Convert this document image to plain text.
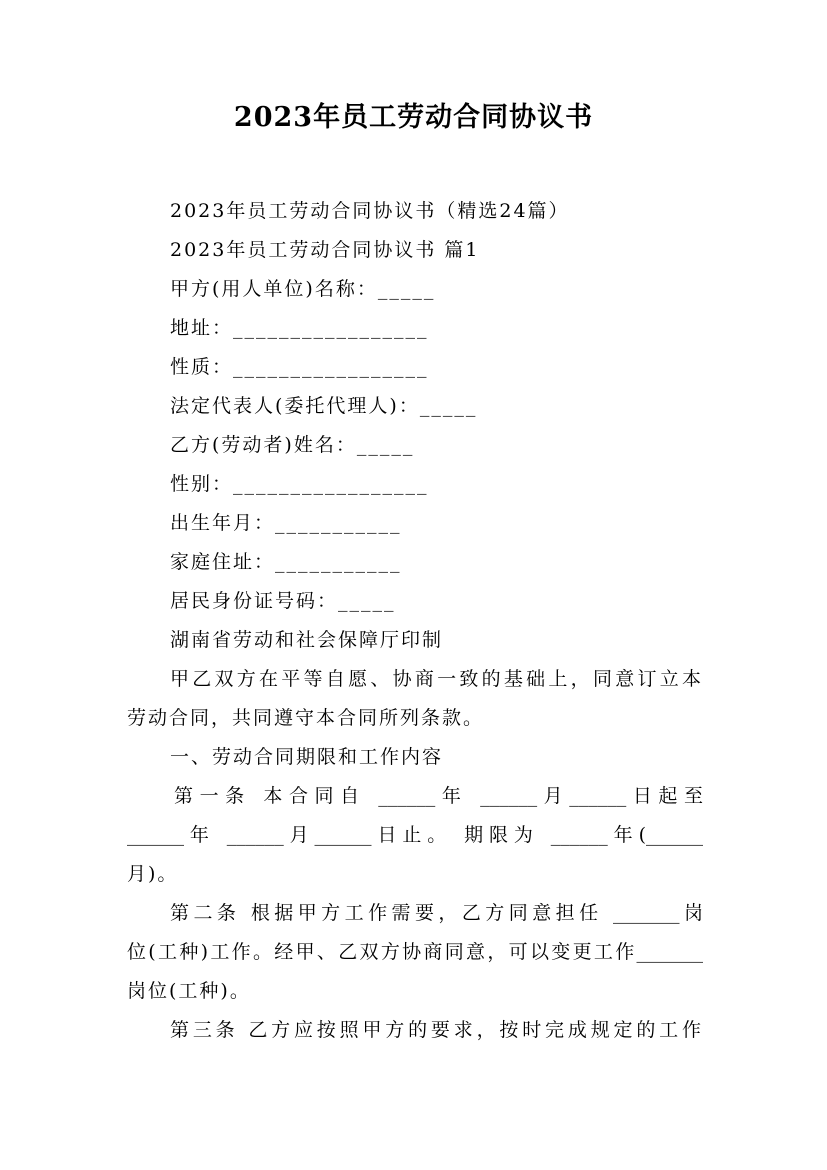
2023年员工劳动合同协议书
2023年员工劳动合同协议书（精选24篇）
2023年员工劳动合同协议书 篇1
甲方(用人单位)名称：_____
地址：_________________
性质：_________________
法定代表人(委托代理人)：_____
乙方(劳动者)姓名：_____
性别：_________________
出生年月：___________
家庭住址：___________
居民身份证号码：_____
湖南省劳动和社会保障厅印制
甲乙双方在平等自愿、协商一致的基础上，同意订立本
劳动合同，共同遵守本合同所列条款。
一、劳动合同期限和工作内容
第一条 本合同自 ______年 ______月______日起至
______年 ______月______日止。 期限为 ______年(______
月)。
第二条 根据甲方工作需要，乙方同意担任 _______岗
位(工种)工作。经甲、乙双方协商同意，可以变更工作_______
岗位(工种)。
第三条 乙方应按照甲方的要求，按时完成规定的工作
